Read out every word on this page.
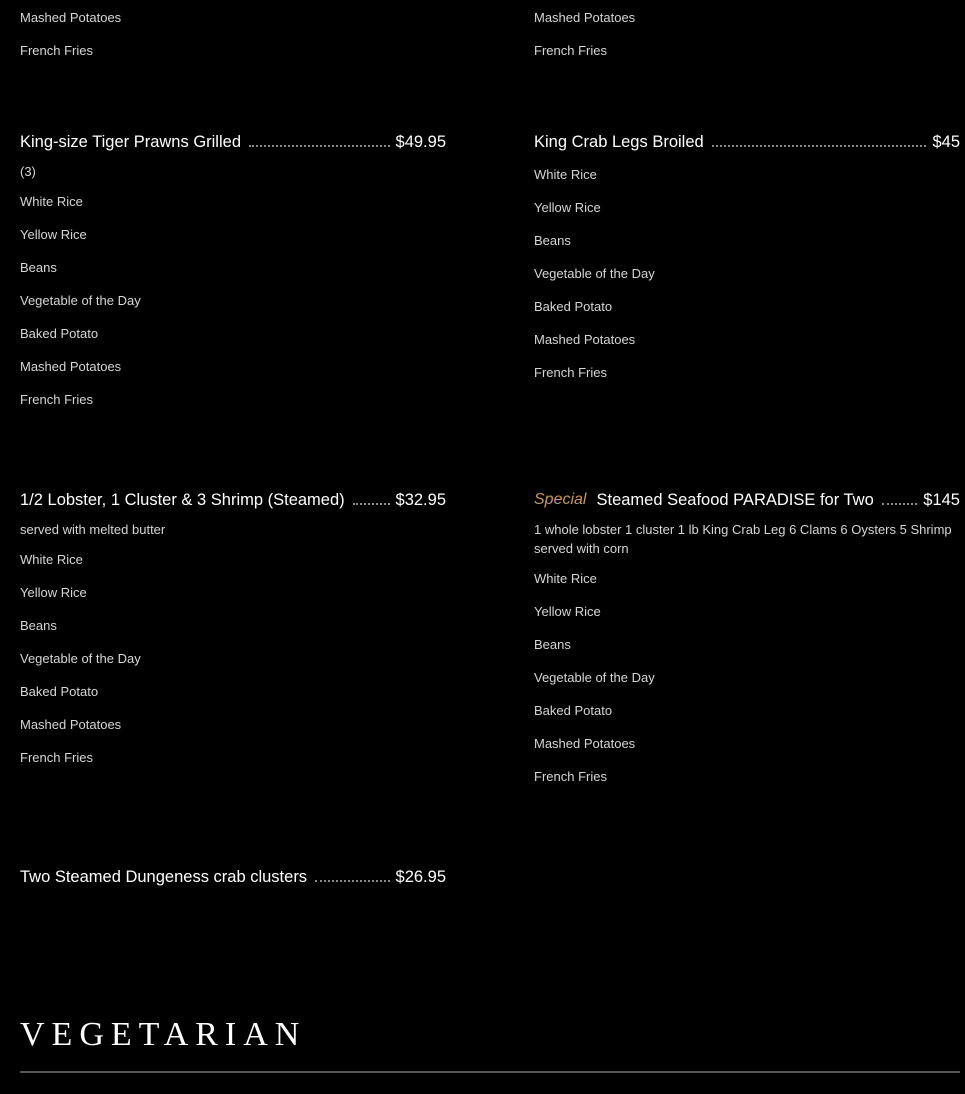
Mashed Potatoes
French Fries
Mashed Potatoes
French Fries
King-size Tiger Prawns Grilled	$49.95
(3)
White Rice
Yellow Rice
Beans
Vegetable of the Day
Baked Potato
Mashed Potatoes
French Fries
King Crab Legs Broiled	$45
White Rice
Yellow Rice
Beans
Vegetable of the Day
Baked Potato
Mashed Potatoes
French Fries
1/2 Lobster, 1 Cluster & 3 Shrimp (Steamed)	$32.95
served with melted butter
White Rice
Yellow Rice
Beans
Vegetable of the Day
Baked Potato
Mashed Potatoes
French Fries
Special Steamed Seafood PARADISE for Two	$145
1 whole lobster 1 cluster 1 lb King Crab Leg 6 Clams 6 Oysters 5 Shrimp served with corn
White Rice
Yellow Rice
Beans
Vegetable of the Day
Baked Potato
Mashed Potatoes
French Fries
Two Steamed Dungeness crab clusters	$26.95
VEGETARIAN
